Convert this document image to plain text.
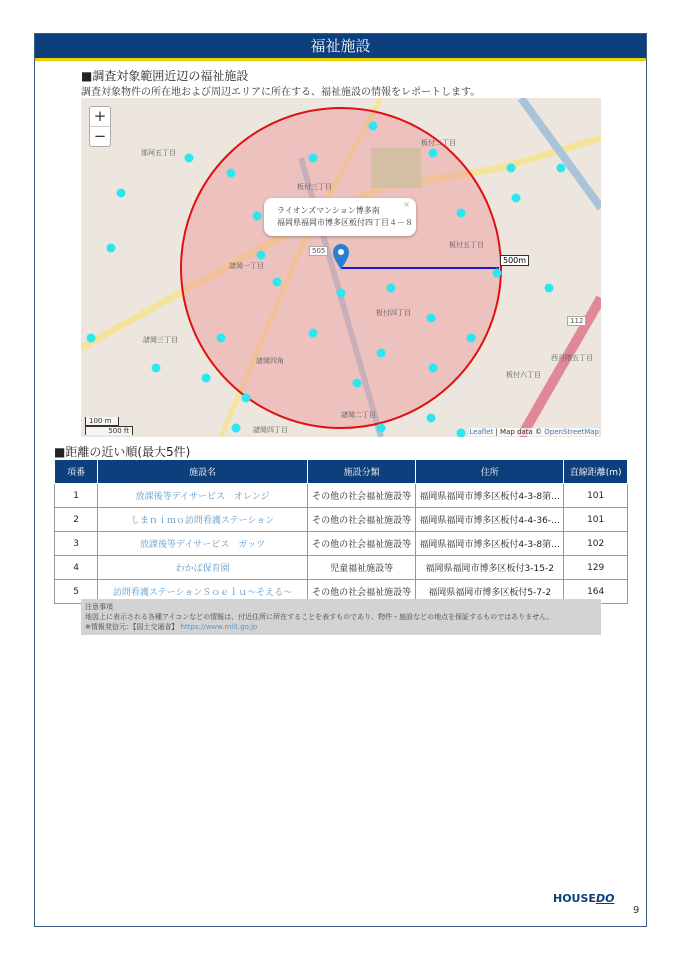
福祉施設
■調査対象範囲近辺の福祉施設
調査対象物件の所在地および周辺エリアに所在する、福祉施設の情報をレポートします。
+
−
那珂五丁目
板付三丁目
板付二丁目
板付六丁目
板付四丁目
板付五丁目
諸岡一丁目
諸岡三丁目
諸岡二丁目
諸岡四丁目
諸岡四角	西月隈五丁目
505
112
×
ライオンズマンション博多南
福岡県福岡市博多区板付四丁目４－８
500m
100 m
500 ft	Leaflet | Map data © OpenStreetMap
■距離の近い順(最大5件)
項番	施設名	施設分類	住所	直線距離(m)
1	放課後等デイサービス　オレンジ	その他の社会福祉施設等	福岡県福岡市博多区板付4-3-8第…	101
2	しまｎｉｍｏ訪問看護ステーション	その他の社会福祉施設等	福岡県福岡市博多区板付4-4-36-…	101
3	放課後等デイサービス　ガッツ	その他の社会福祉施設等	福岡県福岡市博多区板付4-3-8第…	102
4	わかば保育園	児童福祉施設等	福岡県福岡市博多区板付3-15-2	129
5	訪問看護ステーションＳｏｅｌｕ～そえる～	その他の社会福祉施設等	福岡県福岡市博多区板付5-7-2	164
注意事項
地図上に表示される各種アイコンなどの情報は、付近住所に所在することを表すものであり、物件・施設などの地点を保証するものではありません。
※情報発信元：【国土交通省】 https://www.mlit.go.jp
HOUSEDO
9
